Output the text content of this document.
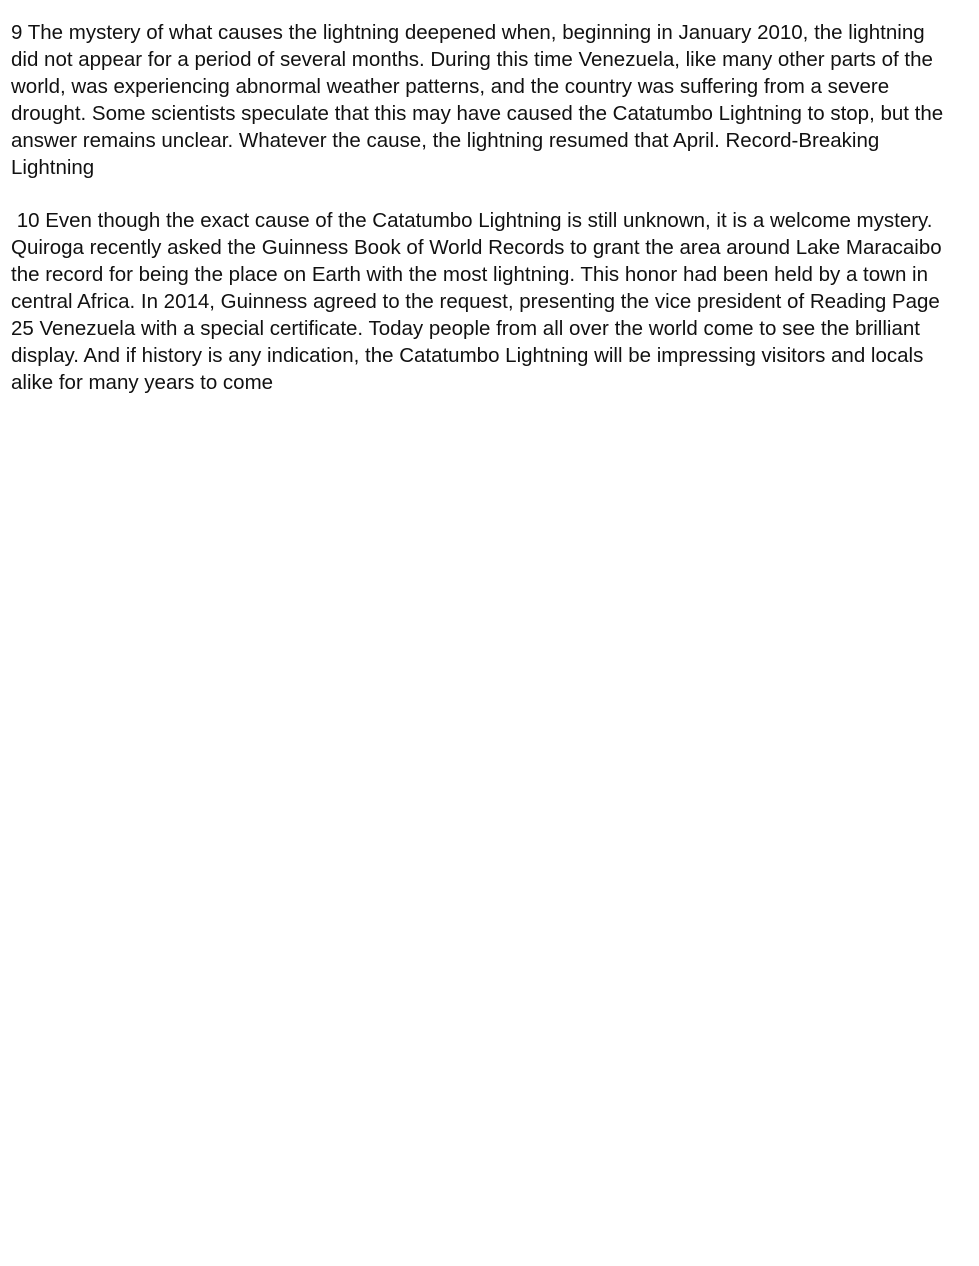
9 The mystery of what causes the lightning deepened when, beginning in January 2010, the lightning did not appear for a period of several months. During this time Venezuela, like many other parts of the world, was experiencing abnormal weather patterns, and the country was suffering from a severe drought. Some scientists speculate that this may have caused the Catatumbo Lightning to stop, but the answer remains unclear. Whatever the cause, the lightning resumed that April. Record-Breaking Lightning

10 Even though the exact cause of the Catatumbo Lightning is still unknown, it is a welcome mystery. Quiroga recently asked the Guinness Book of World Records to grant the area around Lake Maracaibo the record for being the place on Earth with the most lightning. This honor had been held by a town in central Africa. In 2014, Guinness agreed to the request, presenting the vice president of Reading Page 25 Venezuela with a special certificate. Today people from all over the world come to see the brilliant display. And if history is any indication, the Catatumbo Lightning will be impressing visitors and locals alike for many years to come
